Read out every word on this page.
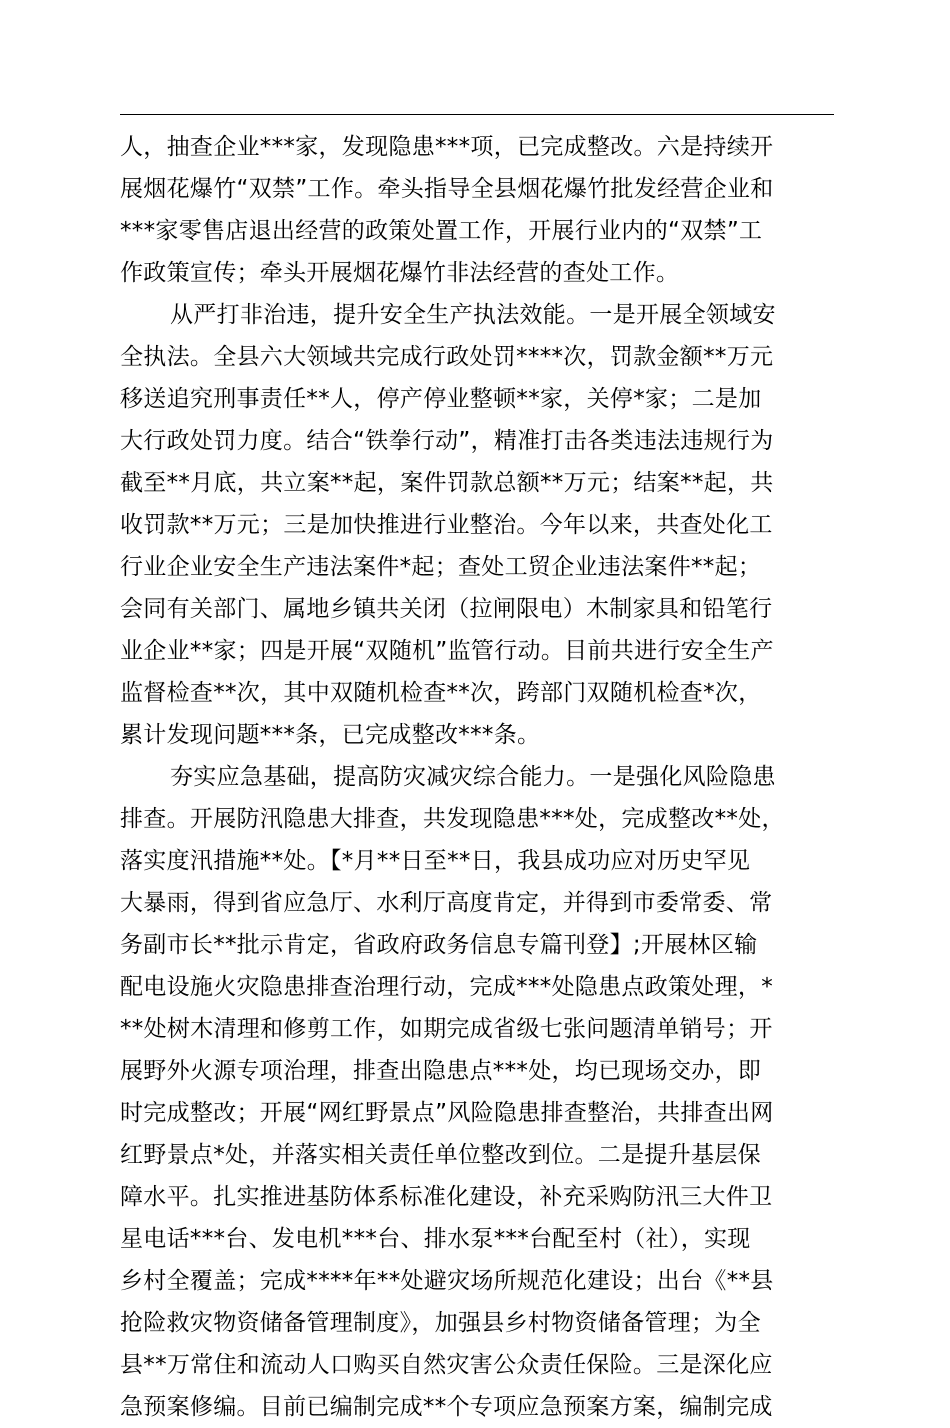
人，抽查企业***家，发现隐患***项，已完成整改。六是持续开
展烟花爆竹“双禁”工作。牵头指导全县烟花爆竹批发经营企业和
***家零售店退出经营的政策处置工作，开展行业内的“双禁”工
作政策宣传；牵头开展烟花爆竹非法经营的查处工作。
从严打非治违，提升安全生产执法效能。一是开展全领域安
全执法。全县六大领域共完成行政处罚****次，罚款金额**万元
移送追究刑事责任**人，停产停业整顿**家，关停*家；二是加
大行政处罚力度。结合“铁拳行动”，精准打击各类违法违规行为
截至**月底，共立案**起，案件罚款总额**万元；结案**起，共
收罚款**万元；三是加快推进行业整治。今年以来，共查处化工
行业企业安全生产违法案件*起；查处工贸企业违法案件**起；
会同有关部门、属地乡镇共关闭（拉闸限电）木制家具和铅笔行
业企业**家；四是开展“双随机”监管行动。目前共进行安全生产
监督检查**次，其中双随机检查**次，跨部门双随机检查*次，
累计发现问题***条，已完成整改***条。
夯实应急基础，提高防灾减灾综合能力。一是强化风险隐患
排查。开展防汛隐患大排查，共发现隐患***处，完成整改**处，
落实度汛措施**处。【*月**日至**日，我县成功应对历史罕见
大暴雨，得到省应急厅、水利厅高度肯定，并得到市委常委、常
务副市长**批示肯定，省政府政务信息专篇刊登】;开展林区输
配电设施火灾隐患排查治理行动，完成***处隐患点政策处理，*
**处树木清理和修剪工作，如期完成省级七张问题清单销号；开
展野外火源专项治理，排查出隐患点***处，均已现场交办，即
时完成整改；开展“网红野景点”风险隐患排查整治，共排查出网
红野景点*处，并落实相关责任单位整改到位。二是提升基层保
障水平。扎实推进基防体系标准化建设，补充采购防汛三大件卫
星电话***台、发电机***台、排水泵***台配至村（社），实现
乡村全覆盖；完成****年**处避灾场所规范化建设；出台《**县
抢险救灾物资储备管理制度》，加强县乡村物资储备管理；为全
县**万常住和流动人口购买自然灾害公众责任保险。三是深化应
急预案修编。目前已编制完成**个专项应急预案方案，编制完成
